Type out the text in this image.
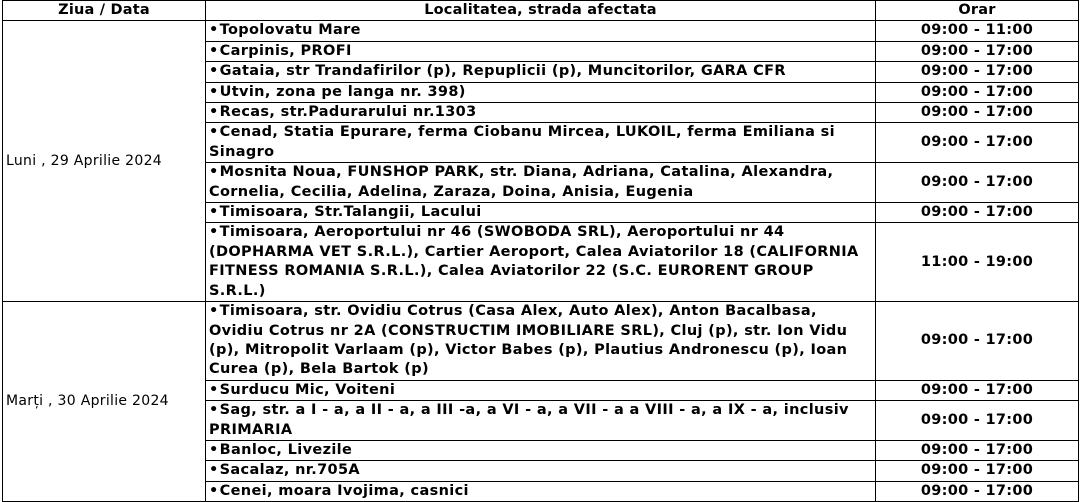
Ziua / Data	Localitatea, strada afectata	Orar
Luni , 29 Aprilie 2024	•Topolovatu Mare	09:00 - 11:00
	•Carpinis, PROFI	09:00 - 17:00
	•Gataia, str Trandafirilor (p), Repuplicii (p), Muncitorilor, GARA CFR	09:00 - 17:00
	•Utvin, zona pe langa nr. 398)	09:00 - 17:00
	•Recas, str.Padurarului nr.1303	09:00 - 17:00
	•Cenad, Statia Epurare, ferma Ciobanu Mircea, LUKOIL, ferma Emiliana si Sinagro	09:00 - 17:00
	•Mosnita Noua, FUNSHOP PARK, str. Diana, Adriana, Catalina, Alexandra, Cornelia, Cecilia, Adelina, Zaraza, Doina, Anisia, Eugenia	09:00 - 17:00
	•Timisoara, Str.Talangii, Lacului	09:00 - 17:00
	•Timisoara, Aeroportului nr 46 (SWOBODA SRL), Aeroportului nr 44 (DOPHARMA VET S.R.L.), Cartier Aeroport, Calea Aviatorilor 18 (CALIFORNIA FITNESS ROMANIA S.R.L.), Calea Aviatorilor 22 (S.C. EURORENT GROUP S.R.L.)	11:00 - 19:00
Marți , 30 Aprilie 2024	•Timisoara, str. Ovidiu Cotrus (Casa Alex, Auto Alex), Anton Bacalbasa, Ovidiu Cotrus nr 2A (CONSTRUCTIM IMOBILIARE SRL), Cluj (p), str. Ion Vidu (p), Mitropolit Varlaam (p), Victor Babes (p), Plautius Andronescu (p), Ioan Curea (p), Bela Bartok (p)	09:00 - 17:00
	•Surducu Mic, Voiteni	09:00 - 17:00
	•Sag, str. a I - a, a II - a, a III -a, a VI - a, a VII - a a VIII - a, a IX - a, inclusiv PRIMARIA	09:00 - 17:00
	•Banloc, Livezile	09:00 - 17:00
	•Sacalaz, nr.705A	09:00 - 17:00
	•Cenei, moara Ivojima, casnici	09:00 - 17:00
